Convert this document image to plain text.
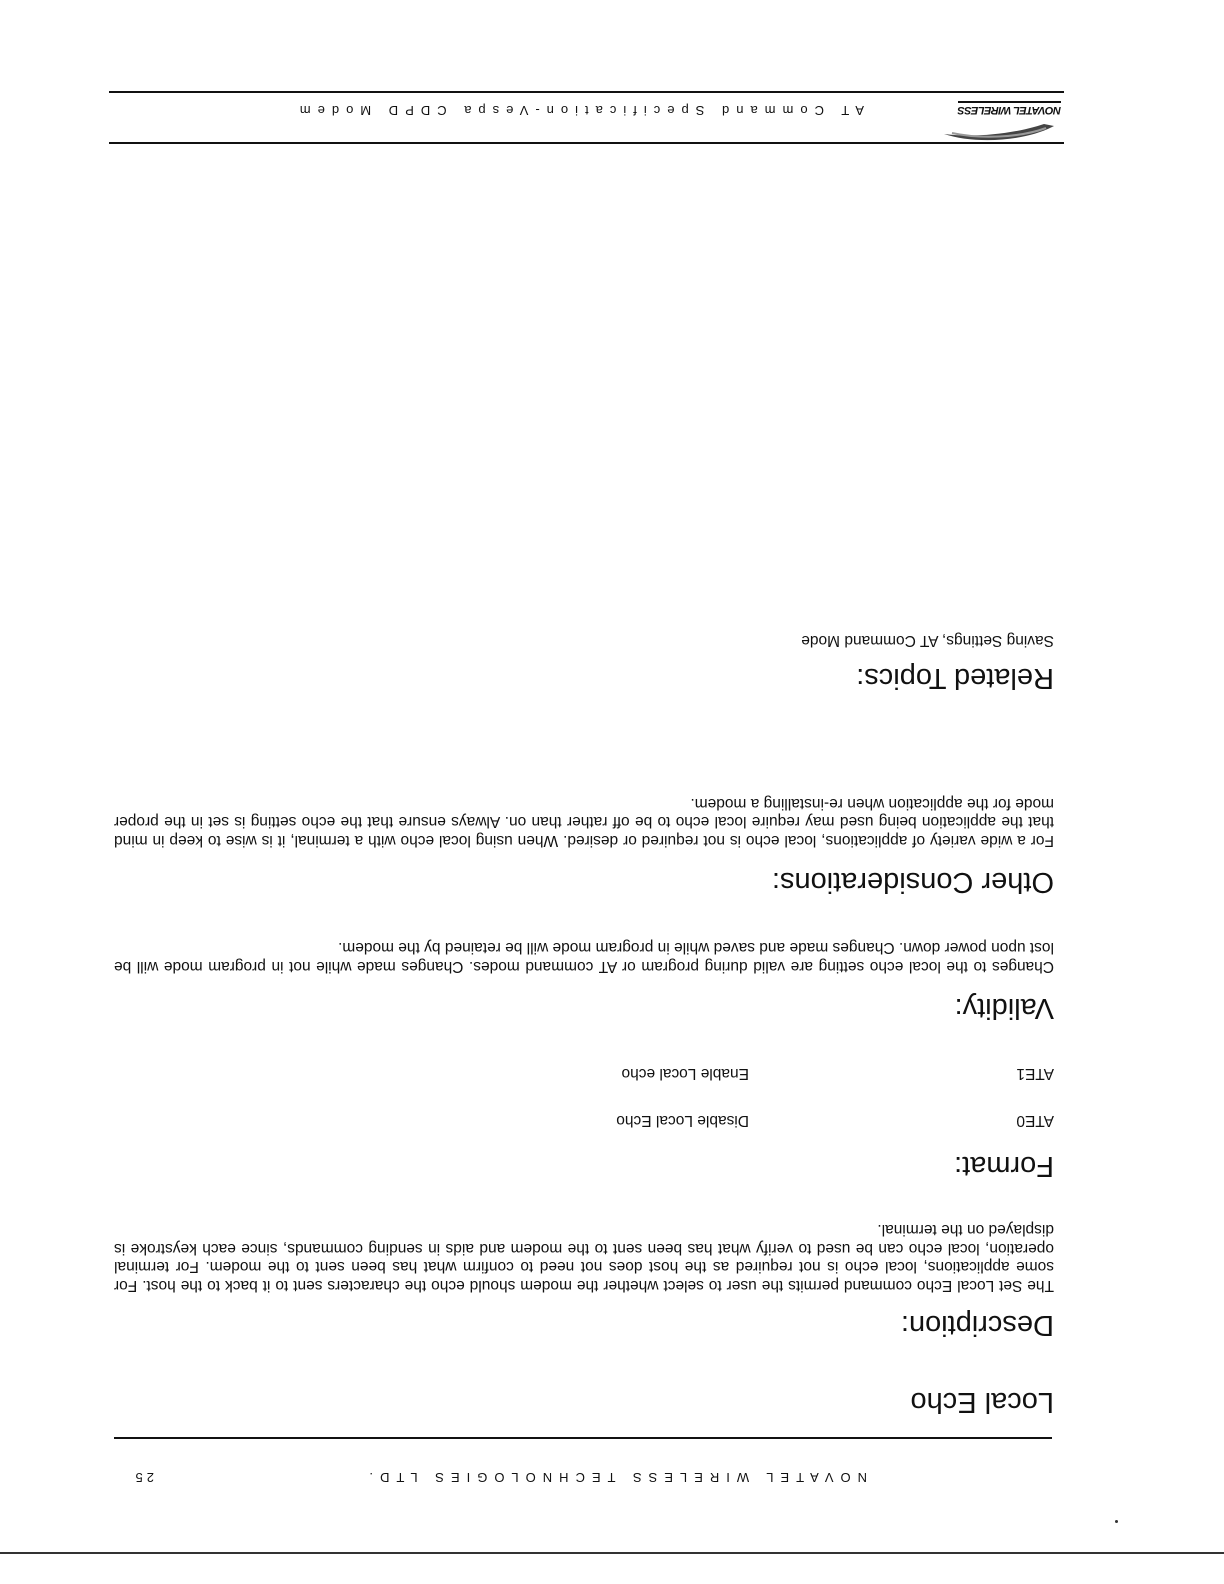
NOVATEL WIRELESS
AT Command Specification-Vespa CDPD Modem
Related Topics:
Saving Settings, AT Command Mode
Local Echo
Description:

The Set Local Echo command permits the user to select whether the modem should echo the characters sent to it back to the host. For some applications, local echo is not required as the host does not need to confirm what has been sent to the modem. For terminal operation, local echo can be used to verify what has been sent to the modem and aids in sending commands, since each keystroke is displayed on the terminal.

Format:
ATE0
Disable Local Echo
ATE1
Enable Local echo
Validity:

Changes to the local echo setting are valid during program or AT command modes. Changes made while not in program mode will be lost upon power down. Changes made and saved while in program mode will be retained by the modem.

Other Considerations:

For a wide variety of applications, local echo is not required or desired. When using local echo with a terminal, it is wise to keep in mind that the application being used may require local echo to be off rather than on. Always ensure that the echo setting is set in the proper mode for the application when re-installing a modem.

NOVATEL WIRELESS TECHNOLOGIES LTD.
25
